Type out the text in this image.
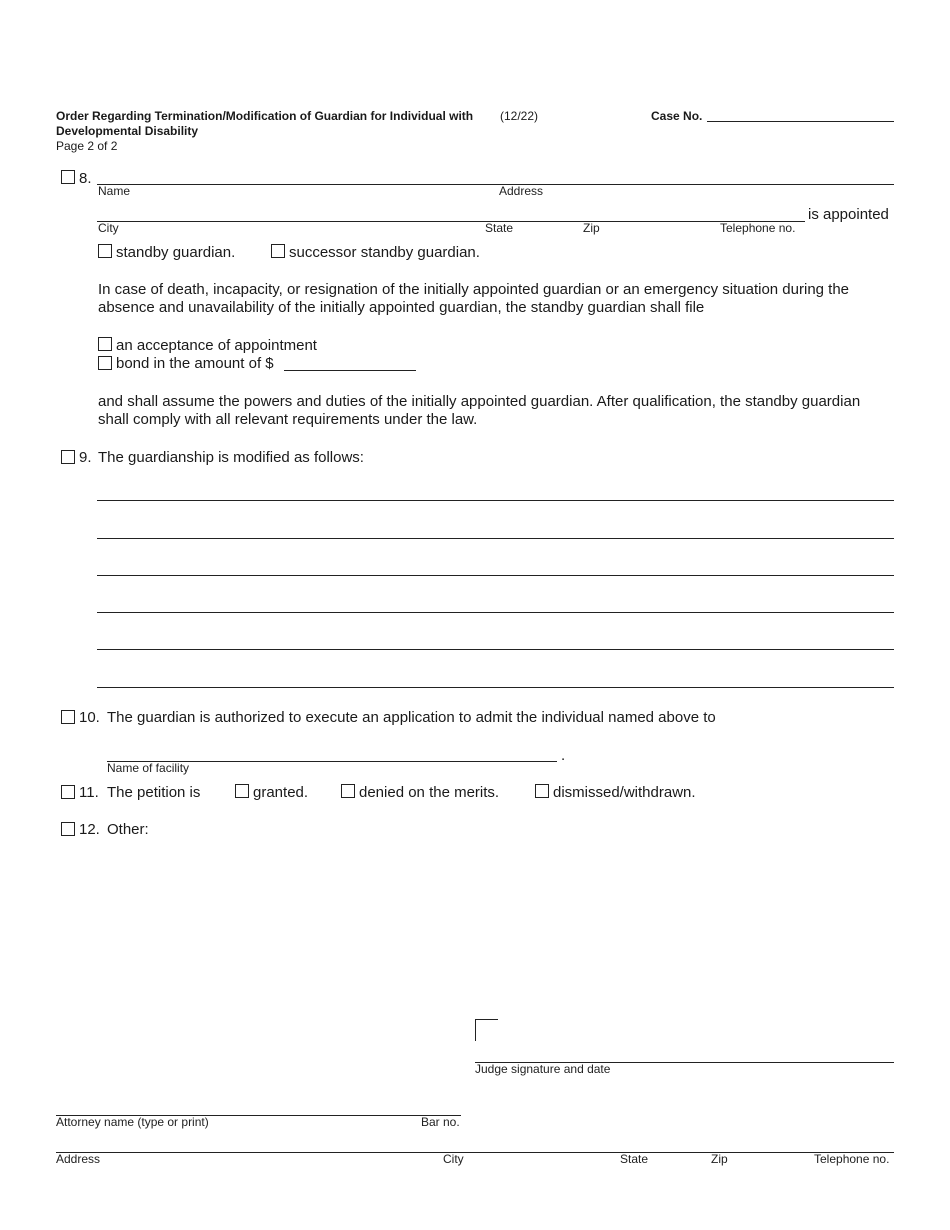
Order Regarding Termination/Modification of Guardian for Individual with
Developmental Disability
(12/22)
Page 2 of 2
Case No.
8.
Name	Address
is appointed
City	State	Zip	Telephone no.
standby guardian.	successor standby guardian.
In case of death, incapacity, or resignation of the initially appointed guardian or an emergency situation during the
absence and unavailability of the initially appointed guardian, the standby guardian shall file
an acceptance of appointment
bond in the amount of $
and shall assume the powers and duties of the initially appointed guardian. After qualification, the standby guardian
shall comply with all relevant requirements under the law.
9. The guardianship is modified as follows:
10. The guardian is authorized to execute an application to admit the individual named above to
.
Name of facility
11. The petition is	granted.	denied on the merits.	dismissed/withdrawn.
12. Other:
Judge signature and date
Attorney name (type or print)	Bar no.
Address	City	State	Zip	Telephone no.
